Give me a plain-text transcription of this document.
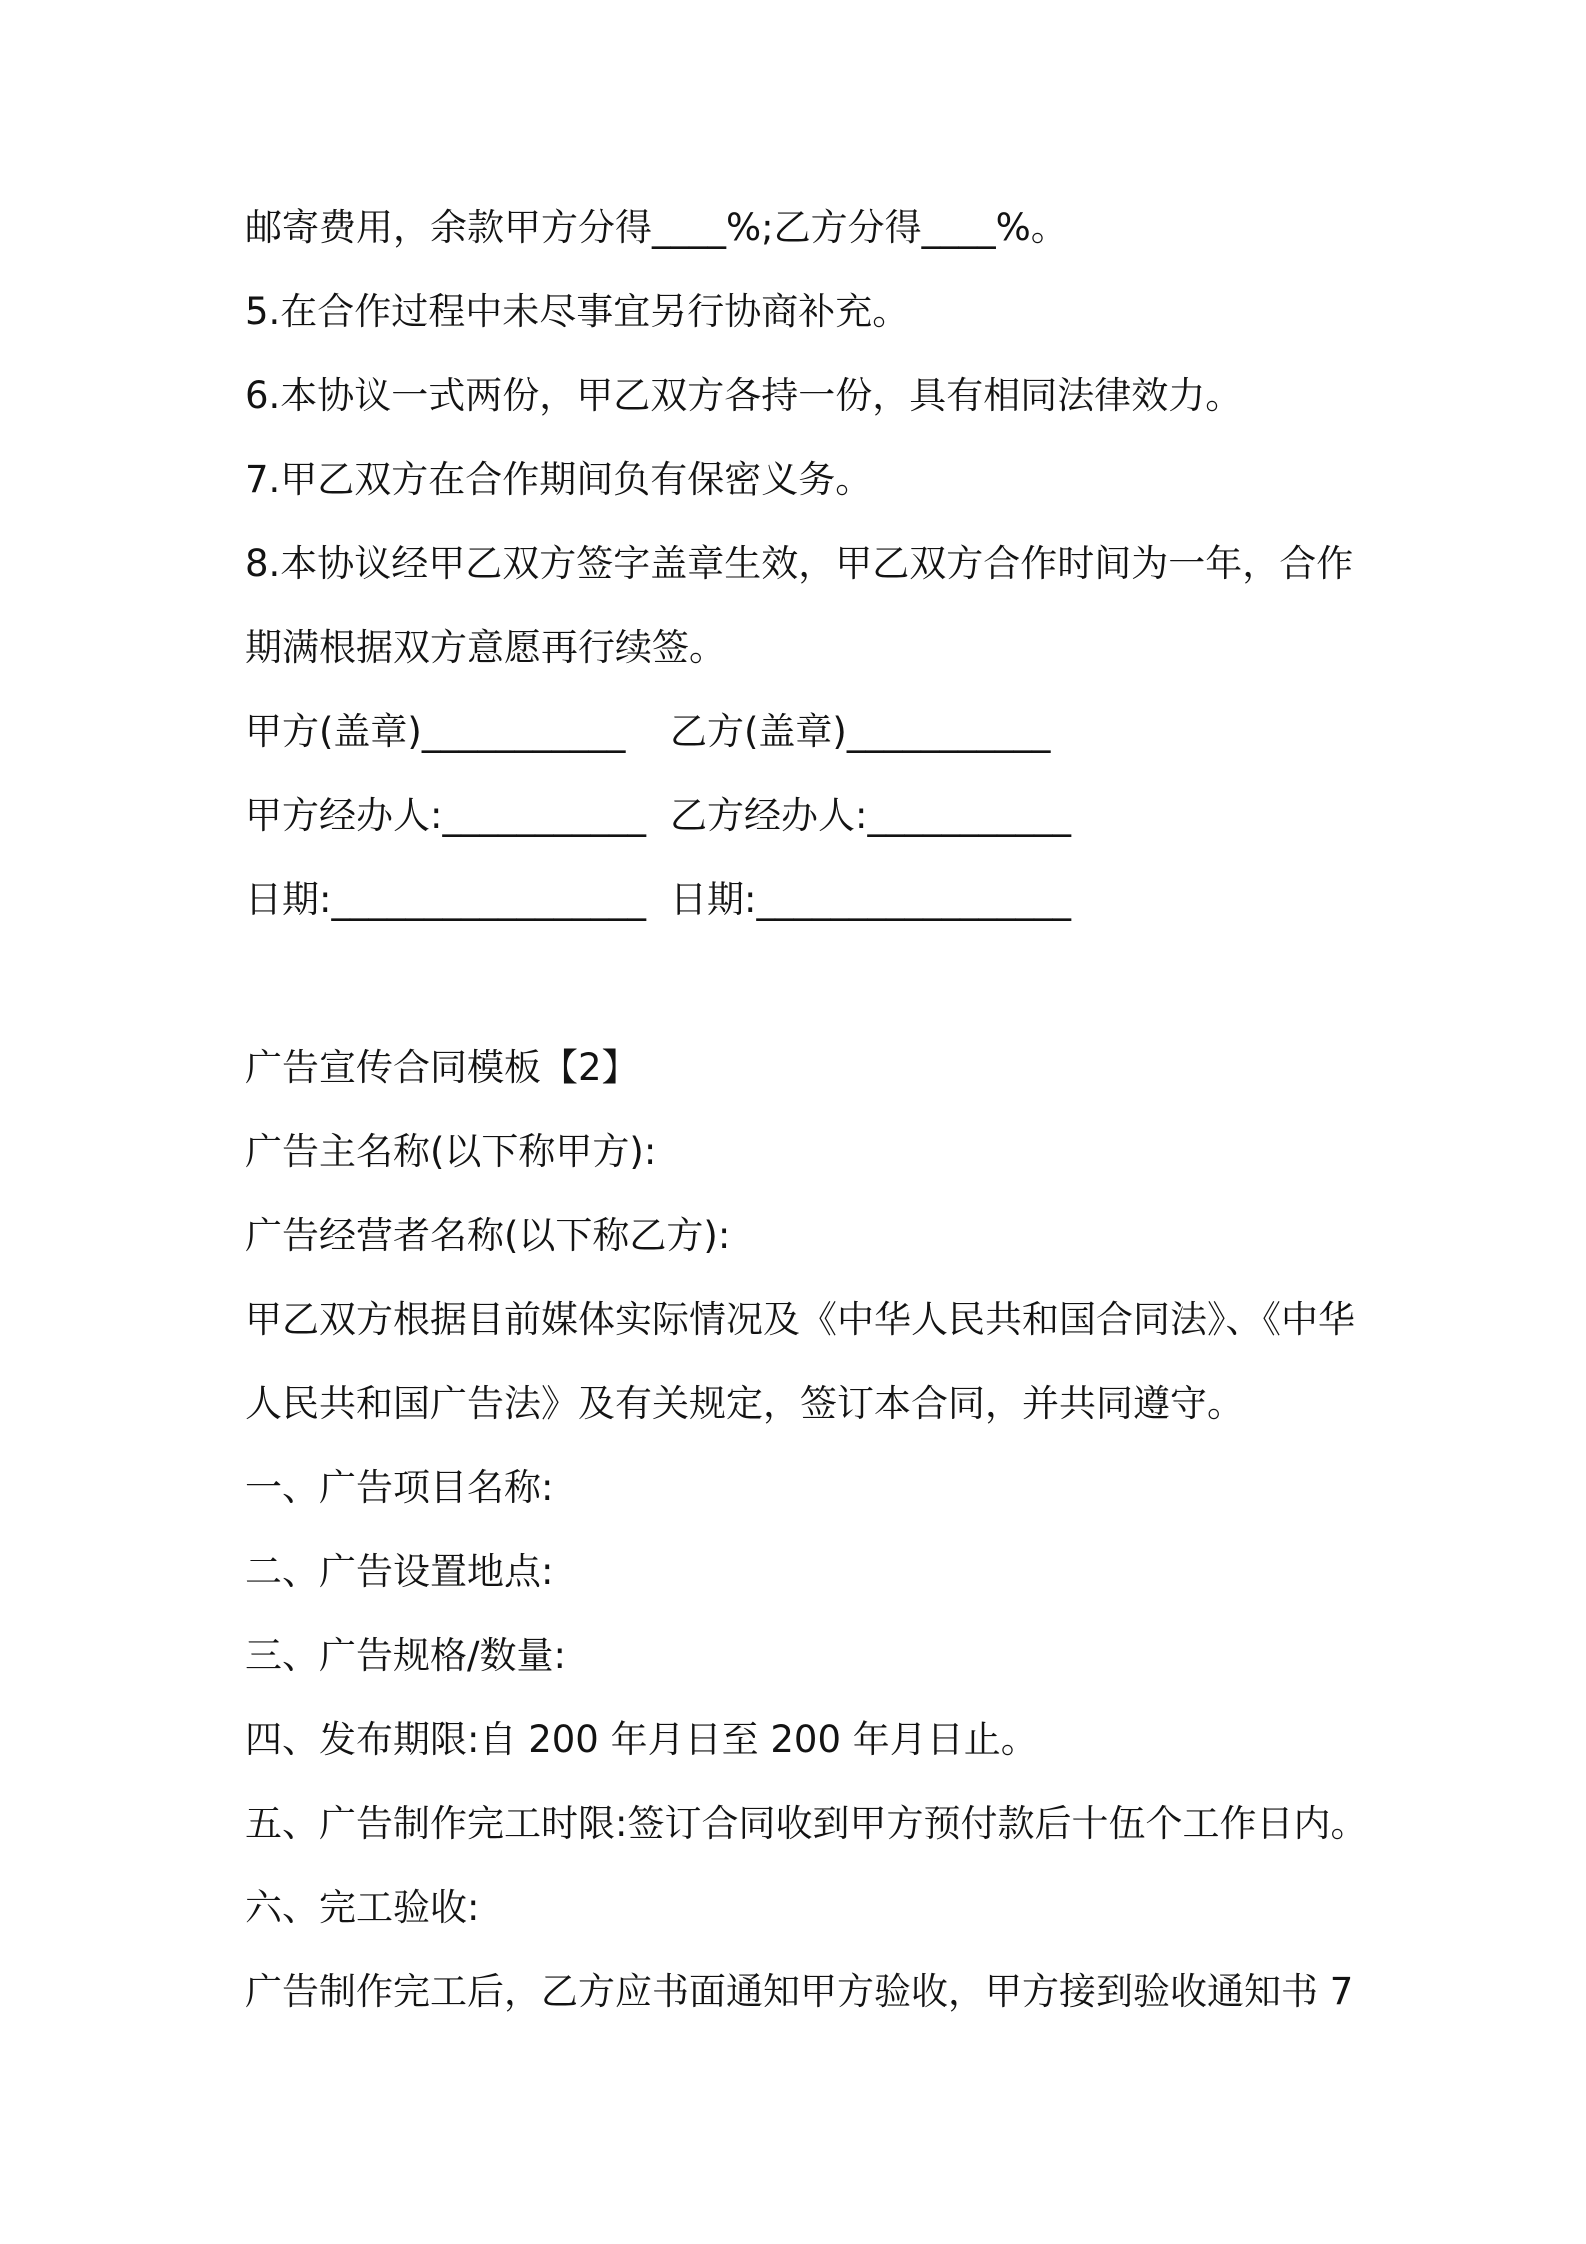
邮寄费用，余款甲方分得____%;乙方分得____%。
5.在合作过程中未尽事宜另行协商补充。
6.本协议一式两份，甲乙双方各持一份，具有相同法律效力。
7.甲乙双方在合作期间负有保密义务。
8.本协议经甲乙双方签字盖章生效，甲乙双方合作时间为一年，合作
期满根据双方意愿再行续签。
甲方(盖章)___________	乙方(盖章)___________
甲方经办人:___________ 乙方经办人:___________
日期:_________________ 日期:_________________
广告宣传合同模板【2】
广告主名称(以下称甲方):
广告经营者名称(以下称乙方):
甲乙双方根据目前媒体实际情况及《中华人民共和国合同法》、《中华
人民共和国广告法》及有关规定，签订本合同，并共同遵守。
一、广告项目名称:
二、广告设置地点:
三、广告规格/数量:
四、发布期限:自 200 年月日至 200 年月日止。
五、广告制作完工时限:签订合同收到甲方预付款后十伍个工作日内。
六、完工验收:
广告制作完工后，乙方应书面通知甲方验收，甲方接到验收通知书 7
